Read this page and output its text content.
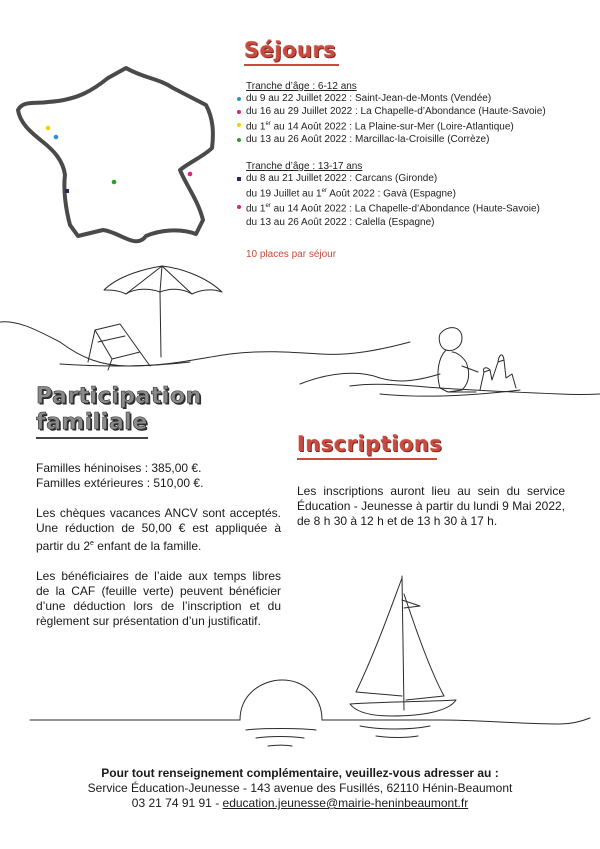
Séjours
Tranche d’âge : 6-12 ans
du 9 au 22 Juillet 2022 : Saint-Jean-de-Monts (Vendée)
du 16 au 29 Juillet 2022 : La Chapelle-d’Abondance (Haute-Savoie)
du 1er au 14 Août 2022 : La Plaine-sur-Mer (Loire-Atlantique)
du 13 au 26 Août 2022 : Marcillac-la-Croisille (Corrèze)
Tranche d’âge : 13-17 ans
du 8 au 21 Juillet 2022 : Carcans (Gironde)
du 19 Juillet au 1er Août 2022 : Gavà (Espagne)
du 1er au 14 Août 2022 : La Chapelle-d’Abondance (Haute-Savoie)
du 13 au 26 Août 2022 : Calella (Espagne)
10 places par séjour
Participation
familiale

Familles héninoises : 385,00 €.

Familles extérieures : 510,00 €.

Les chèques vacances ANCV sont acceptés. Une réduction de 50,00 € est appliquée à partir du 2e enfant de la famille.

Les bénéficiaires de l’aide aux temps libres de la CAF (feuille verte) peuvent bénéficier d’une déduction lors de l’inscription et du règlement sur présentation d’un justificatif.

Inscriptions

Les inscriptions auront lieu au sein du service Éducation - Jeunesse à partir du lundi 9 Mai 2022, de 8 h 30 à 12 h et de 13 h 30 à 17 h.

Pour tout renseignement complémentaire, veuillez-vous adresser au :
Service Éducation-Jeunesse - 143 avenue des Fusillés, 62110 Hénin-Beaumont
03 21 74 91 91 - education.jeunesse@mairie-heninbeaumont.fr
